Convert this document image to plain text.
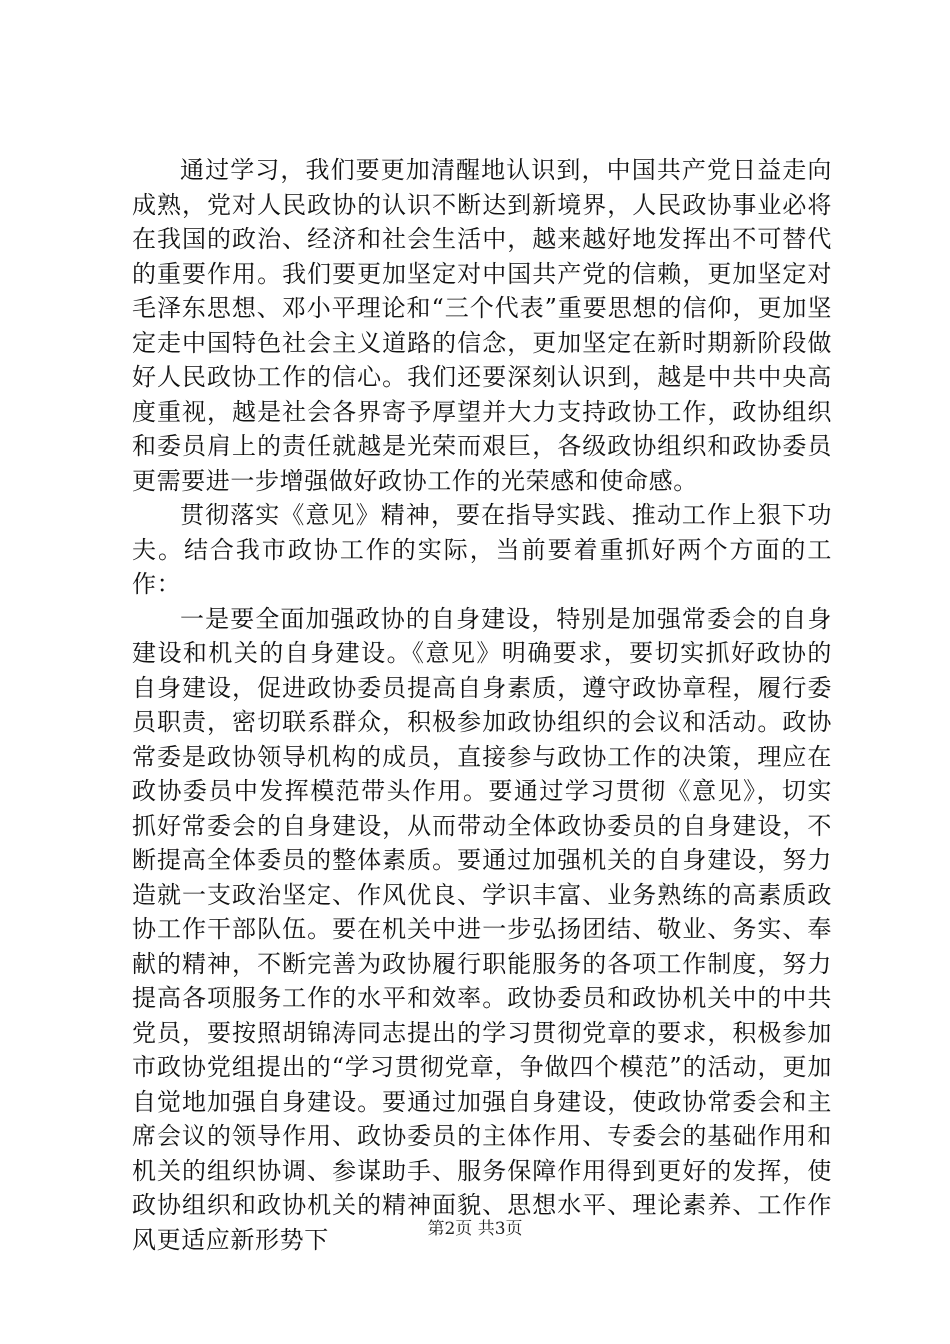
通过学习，我们要更加清醒地认识到，中国共产党日益走向成熟，党对人民政协的认识不断达到新境界，人民政协事业必将在我国的政治、经济和社会生活中，越来越好地发挥出不可替代的重要作用。我们要更加坚定对中国共产党的信赖，更加坚定对毛泽东思想、邓小平理论和“三个代表”重要思想的信仰，更加坚定走中国特色社会主义道路的信念，更加坚定在新时期新阶段做好人民政协工作的信心。我们还要深刻认识到，越是中共中央高度重视，越是社会各界寄予厚望并大力支持政协工作，政协组织和委员肩上的责任就越是光荣而艰巨，各级政协组织和政协委员更需要进一步增强做好政协工作的光荣感和使命感。

贯彻落实《意见》精神，要在指导实践、推动工作上狠下功夫。结合我市政协工作的实际，当前要着重抓好两个方面的工作：

一是要全面加强政协的自身建设，特别是加强常委会的自身建设和机关的自身建设。《意见》明确要求，要切实抓好政协的自身建设，促进政协委员提高自身素质，遵守政协章程，履行委员职责，密切联系群众，积极参加政协组织的会议和活动。政协常委是政协领导机构的成员，直接参与政协工作的决策，理应在政协委员中发挥模范带头作用。要通过学习贯彻《意见》，切实抓好常委会的自身建设，从而带动全体政协委员的自身建设，不断提高全体委员的整体素质。要通过加强机关的自身建设，努力造就一支政治坚定、作风优良、学识丰富、业务熟练的高素质政协工作干部队伍。要在机关中进一步弘扬团结、敬业、务实、奉献的精神，不断完善为政协履行职能服务的各项工作制度，努力提高各项服务工作的水平和效率。政协委员和政协机关中的中共党员，要按照胡锦涛同志提出的学习贯彻党章的要求，积极参加市政协党组提出的“学习贯彻党章，争做四个模范”的活动，更加自觉地加强自身建设。要通过加强自身建设，使政协常委会和主席会议的领导作用、政协委员的主体作用、专委会的基础作用和机关的组织协调、参谋助手、服务保障作用得到更好的发挥，使政协组织和政协机关的精神面貌、思想水平、理论素养、工作作风更适应新形势下	第2页 共3页
